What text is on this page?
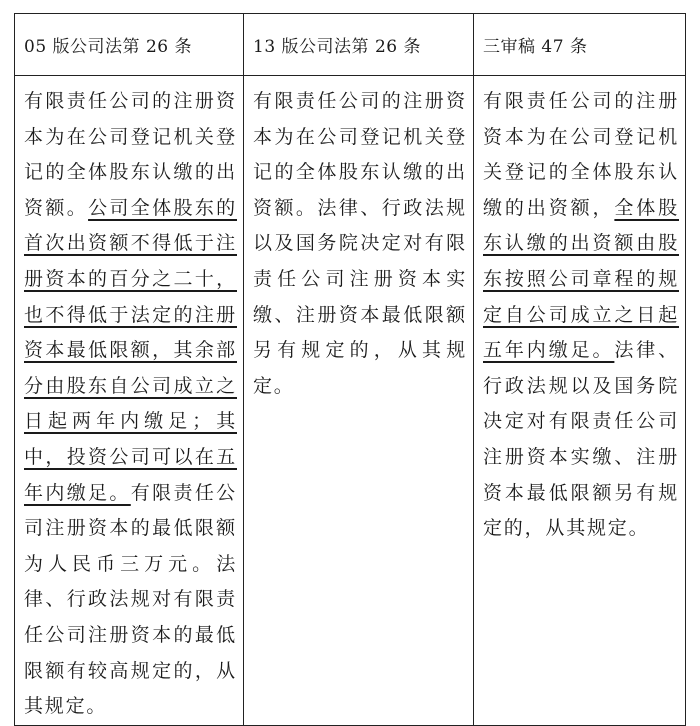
05 版公司法第 26 条	13 版公司法第 26 条	三审稿 47 条

有限责任公司的注册资本为在公司登记机关登记的全体股东认缴的出资额。公司全体股东的首次出资额不得低于注册资本的百分之二十，也不得低于法定的注册资本最低限额，其余部分由股东自公司成立之日起两年内缴足；其中，投资公司可以在五年内缴足。有限责任公司注册资本的最低限额为人民币三万元。法律、行政法规对有限责任公司注册资本的最低限额有较高规定的，从其规定。	有限责任公司的注册资本为在公司登记机关登记的全体股东认缴的出资额。法律、行政法规以及国务院决定对有限责任公司注册资本实缴、注册资本最低限额另有规定的，从其规定。	有限责任公司的注册资本为在公司登记机关登记的全体股东认缴的出资额，全体股东认缴的出资额由股东按照公司章程的规定自公司成立之日起五年内缴足。法律、行政法规以及国务院决定对有限责任公司注册资本实缴、注册资本最低限额另有规定的，从其规定。
